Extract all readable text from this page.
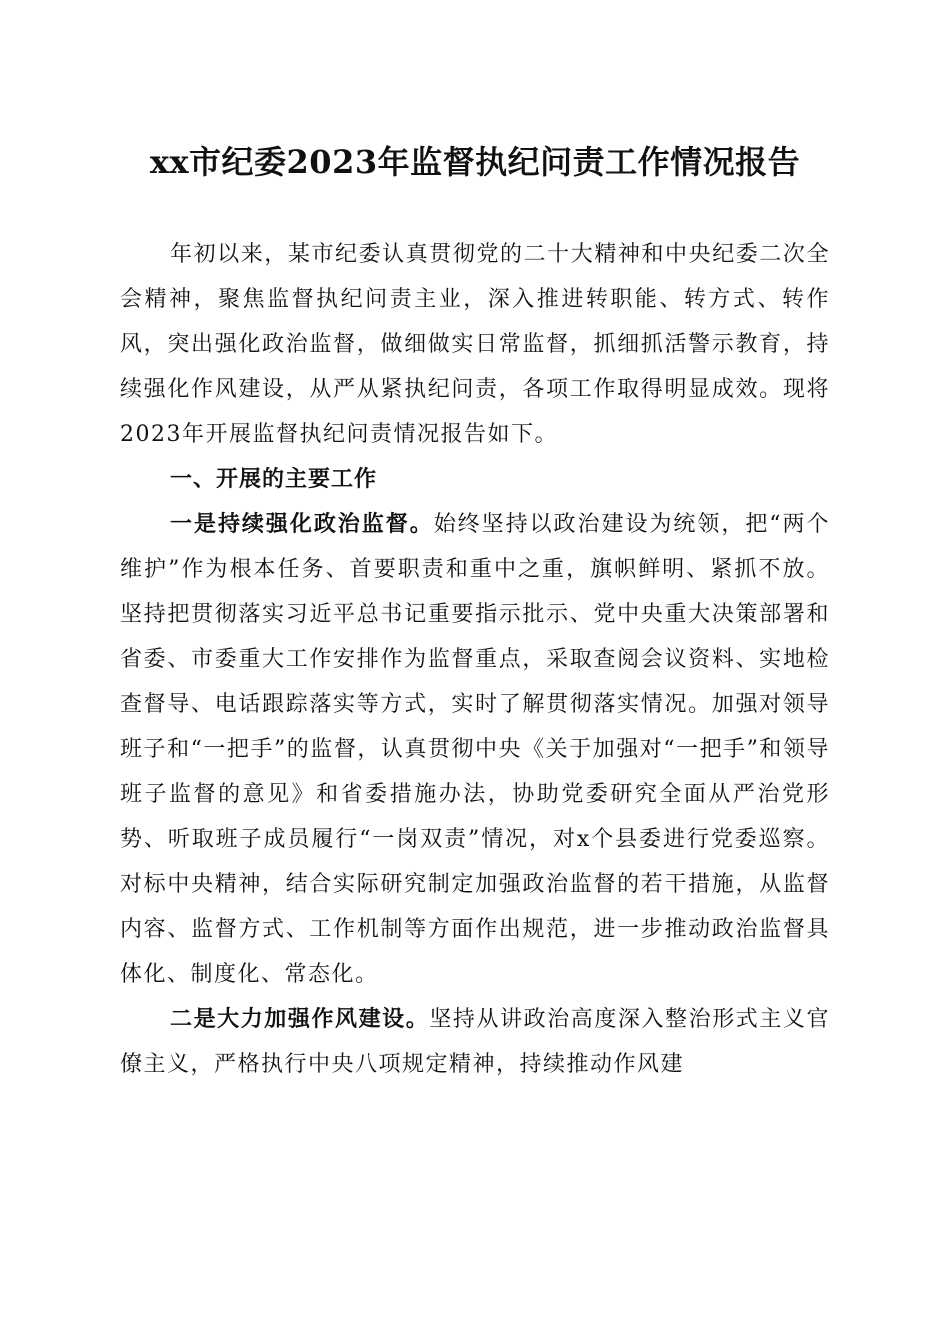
xx市纪委2023年监督执纪问责工作情况报告

年初以来，某市纪委认真贯彻党的二十大精神和中央纪委二次全会精神，聚焦监督执纪问责主业，深入推进转职能、转方式、转作风，突出强化政治监督，做细做实日常监督，抓细抓活警示教育，持续强化作风建设，从严从紧执纪问责，各项工作取得明显成效。现将2023年开展监督执纪问责情况报告如下。

一、开展的主要工作

一是持续强化政治监督。始终坚持以政治建设为统领，把“两个维护”作为根本任务、首要职责和重中之重，旗帜鲜明、紧抓不放。坚持把贯彻落实习近平总书记重要指示批示、党中央重大决策部署和省委、市委重大工作安排作为监督重点，采取查阅会议资料、实地检查督导、电话跟踪落实等方式，实时了解贯彻落实情况。加强对领导班子和“一把手”的监督，认真贯彻中央《关于加强对“一把手”和领导班子监督的意见》和省委措施办法，协助党委研究全面从严治党形势、听取班子成员履行“一岗双责”情况，对x个县委进行党委巡察。对标中央精神，结合实际研究制定加强政治监督的若干措施，从监督内容、监督方式、工作机制等方面作出规范，进一步推动政治监督具体化、制度化、常态化。

二是大力加强作风建设。坚持从讲政治高度深入整治形式主义官僚主义，严格执行中央八项规定精神，持续推动作风建
